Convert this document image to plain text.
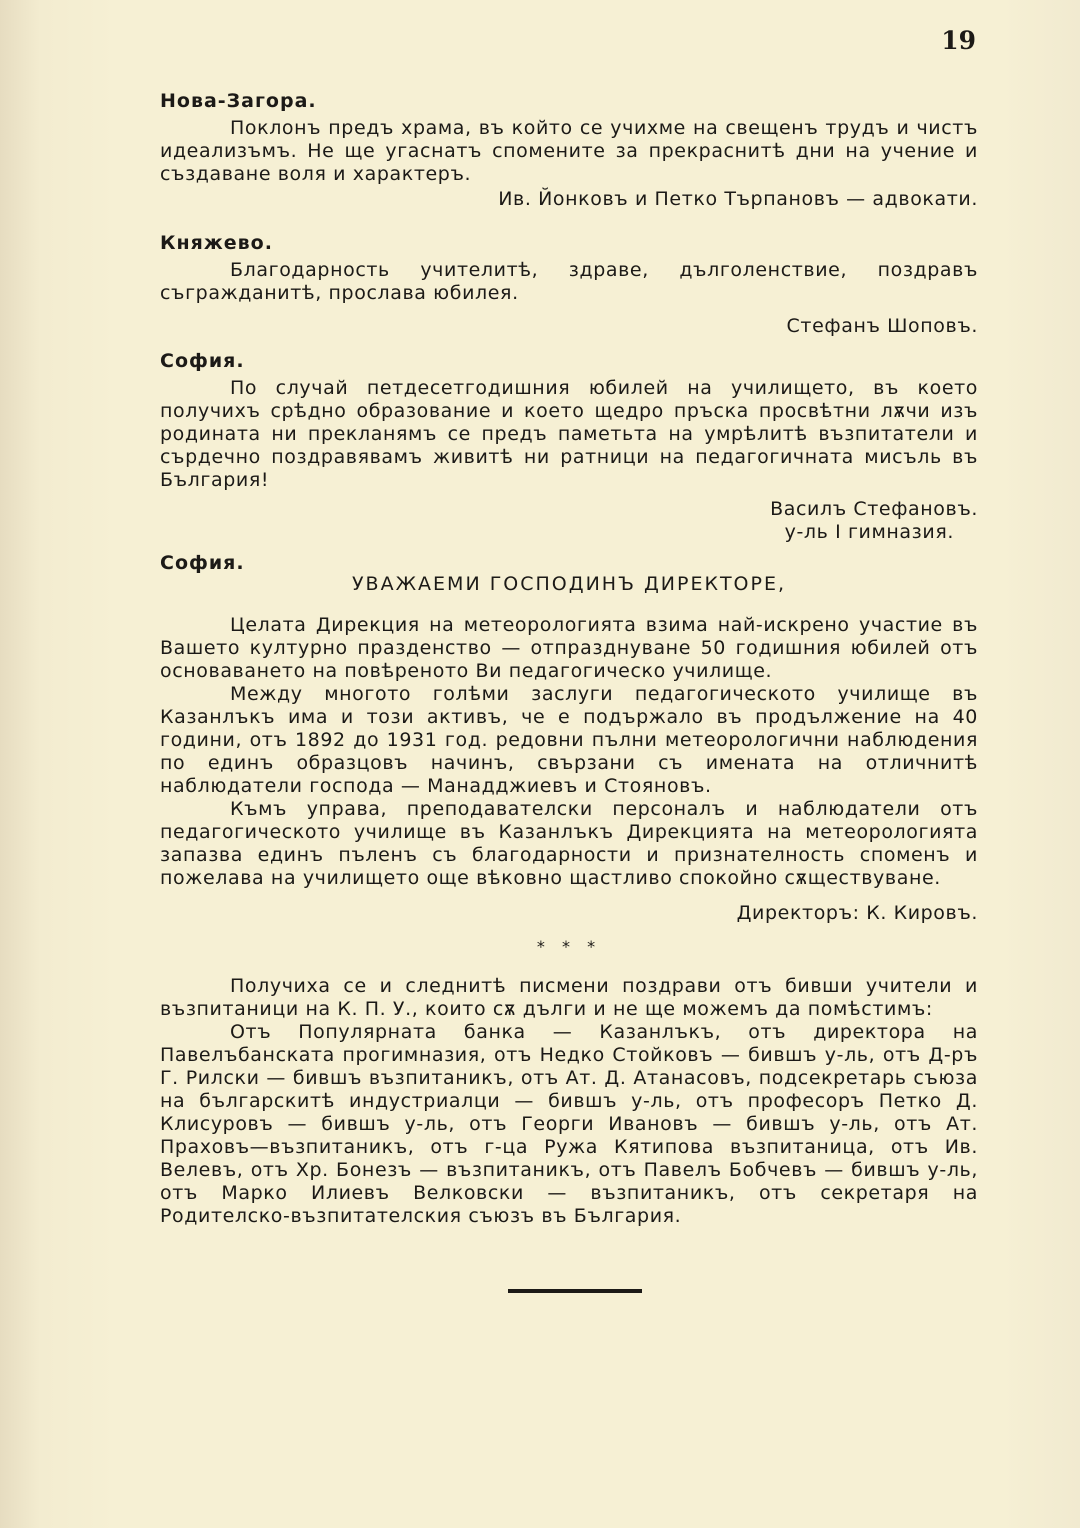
19

Нова-Загора.

Поклонъ предъ храма, въ който се учихме на свещенъ трудъ и чистъ идеализъмъ. Не ще угаснатъ спомените за прекраснитѣ дни на учение и създаване воля и характеръ.

Ив. Йонковъ и Петко Търпановъ — адвокати.

Княжево.

Благодарность учителитѣ, здраве, дълголенствие, поздравъ съгражданитѣ, прослава юбилея.

Стефанъ Шоповъ.

София.

По случай петдесетгодишния юбилей на училището, въ което получихъ срѣдно образование и което щедро пръска просвѣтни лѫчи изъ родината ни прекланямъ се предъ паметьта на умрѣлитѣ възпитатели и сърдечно поздравявамъ живитѣ ни ратници на педагогичната мисъль въ България!

Василъ Стефановъ.

у-ль I гимназия.

София.

УВАЖАЕМИ ГОСПОДИНЪ ДИРЕКТОРЕ,

Целата Дирекция на метеорологията взима най-искрено участие въ Вашето културно празденство — отпразднуване 50 годишния юбилей отъ основаването на повѣреното Ви педагогическо училище.

Между многото голѣми заслуги педагогическото училище въ Казанлъкъ има и този активъ, че е подържало въ продължение на 40 години, отъ 1892 до 1931 год. редовни пълни метеорологични наблюдения по единъ образцовъ начинъ, свързани съ имената на отличнитѣ наблюдатели господа — Манадджиевъ и Стояновъ.

Къмъ управа, преподавателски персоналъ и наблюдатели отъ педагогическото училище въ Казанлъкъ Дирекцията на метеорологията запазва единъ пъленъ съ благодарности и признателность споменъ и пожелава на училището още вѣковно щастливо спокойно сѫществуване.

Директоръ: К. Кировъ.

* * *

Получиха се и следнитѣ писмени поздрави отъ бивши учители и възпитаници на К. П. У., които сѫ дълги и не ще можемъ да помѣстимъ:

Отъ Популярната банка — Казанлъкъ, отъ директора на Павелъбанската прогимназия, отъ Недко Стойковъ — бившъ у-ль, отъ Д-ръ Г. Рилски — бившъ възпитаникъ, отъ Ат. Д. Атанасовъ, подсекретарь съюза на българскитѣ индустриалци — бившъ у-ль, отъ професоръ Петко Д. Клисуровъ — бившъ у-ль, отъ Георги Ивановъ — бившъ у-ль, отъ Ат. Праховъ—възпитаникъ, отъ г-ца Ружа Кятипова възпитаница, отъ Ив. Велевъ, отъ Хр. Бонезъ — възпитаникъ, отъ Павелъ Бобчевъ — бившъ у-ль, отъ Марко Илиевъ Велковски — възпитаникъ, отъ секретаря на Родителско-възпитателския съюзъ въ България.
